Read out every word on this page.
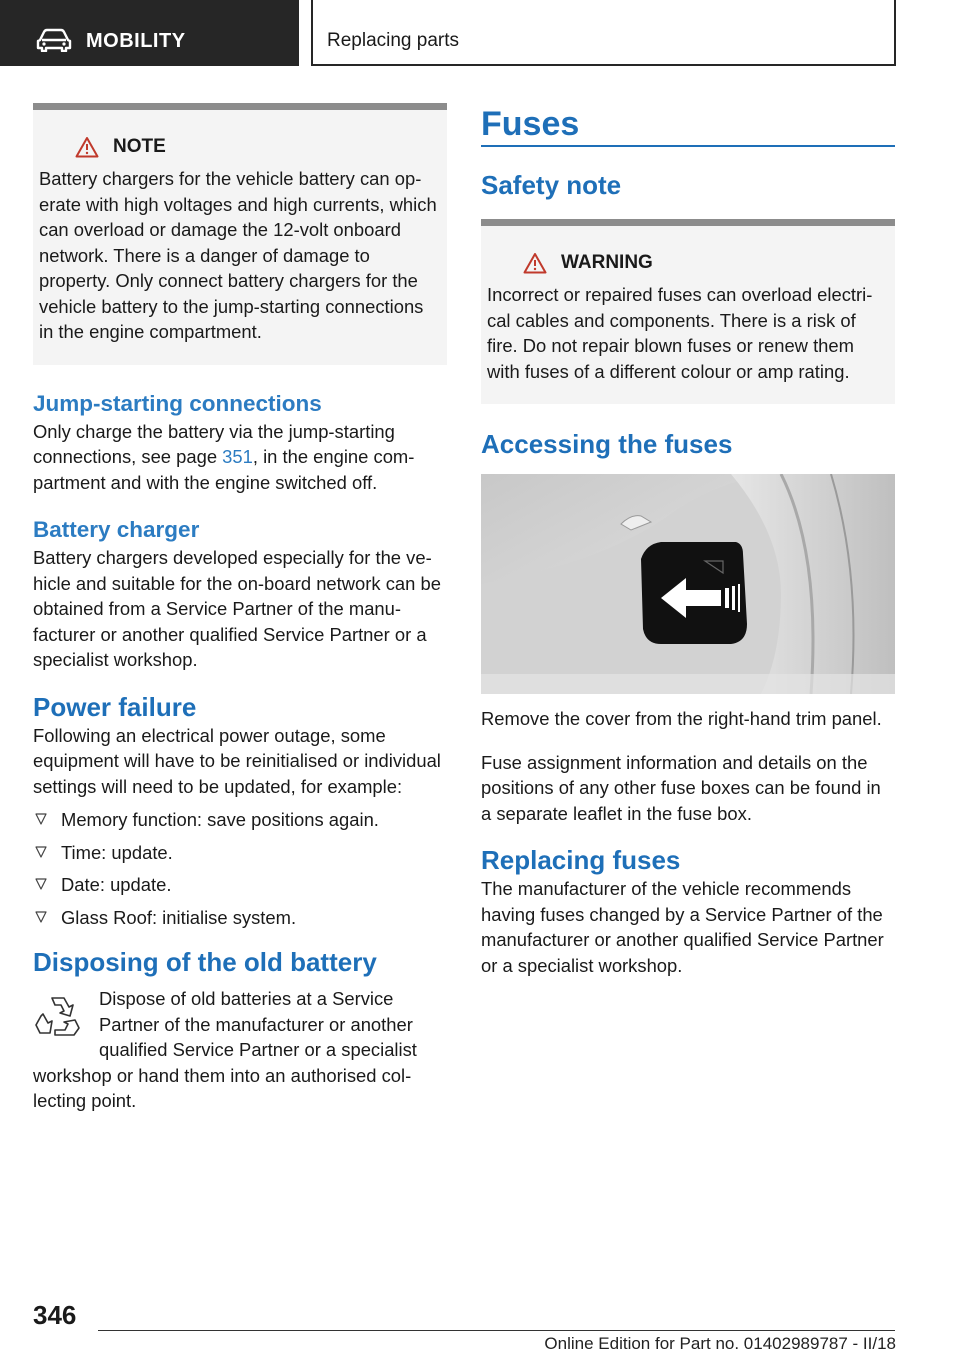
MOBILITY	Replacing parts
NOTE
Battery chargers for the vehicle battery can operate with high voltages and high currents, which can overload or damage the 12-volt onboard network. There is a danger of damage to property. Only connect battery chargers for the vehicle battery to the jump-starting connections in the engine compartment.
Jump-starting connections

Only charge the battery via the jump-starting connections, see page 351, in the engine compartment and with the engine switched off.

Battery charger

Battery chargers developed especially for the vehicle and suitable for the on-board network can be obtained from a Service Partner of the manufacturer or another qualified Service Partner or a specialist workshop.

Power failure

Following an electrical power outage, some equipment will have to be reinitialised or individual settings will need to be updated, for example:

Memory function: save positions again.
Time: update.
Date: update.
Glass Roof: initialise system.
Disposing of the old battery

Dispose of old batteries at a Service Partner of the manufacturer or another qualified Service Partner or a specialist workshop or hand them into an authorised collecting point.

Fuses
Safety note
WARNING
Incorrect or repaired fuses can overload electrical cables and components. There is a risk of fire. Do not repair blown fuses or renew them with fuses of a different colour or amp rating.
Accessing the fuses

Remove the cover from the right-hand trim panel.

Fuse assignment information and details on the positions of any other fuse boxes can be found in a separate leaflet in the fuse box.

Replacing fuses

The manufacturer of the vehicle recommends having fuses changed by a Service Partner of the manufacturer or another qualified Service Partner or a specialist workshop.

346
Online Edition for Part no. 01402989787 - II/18
